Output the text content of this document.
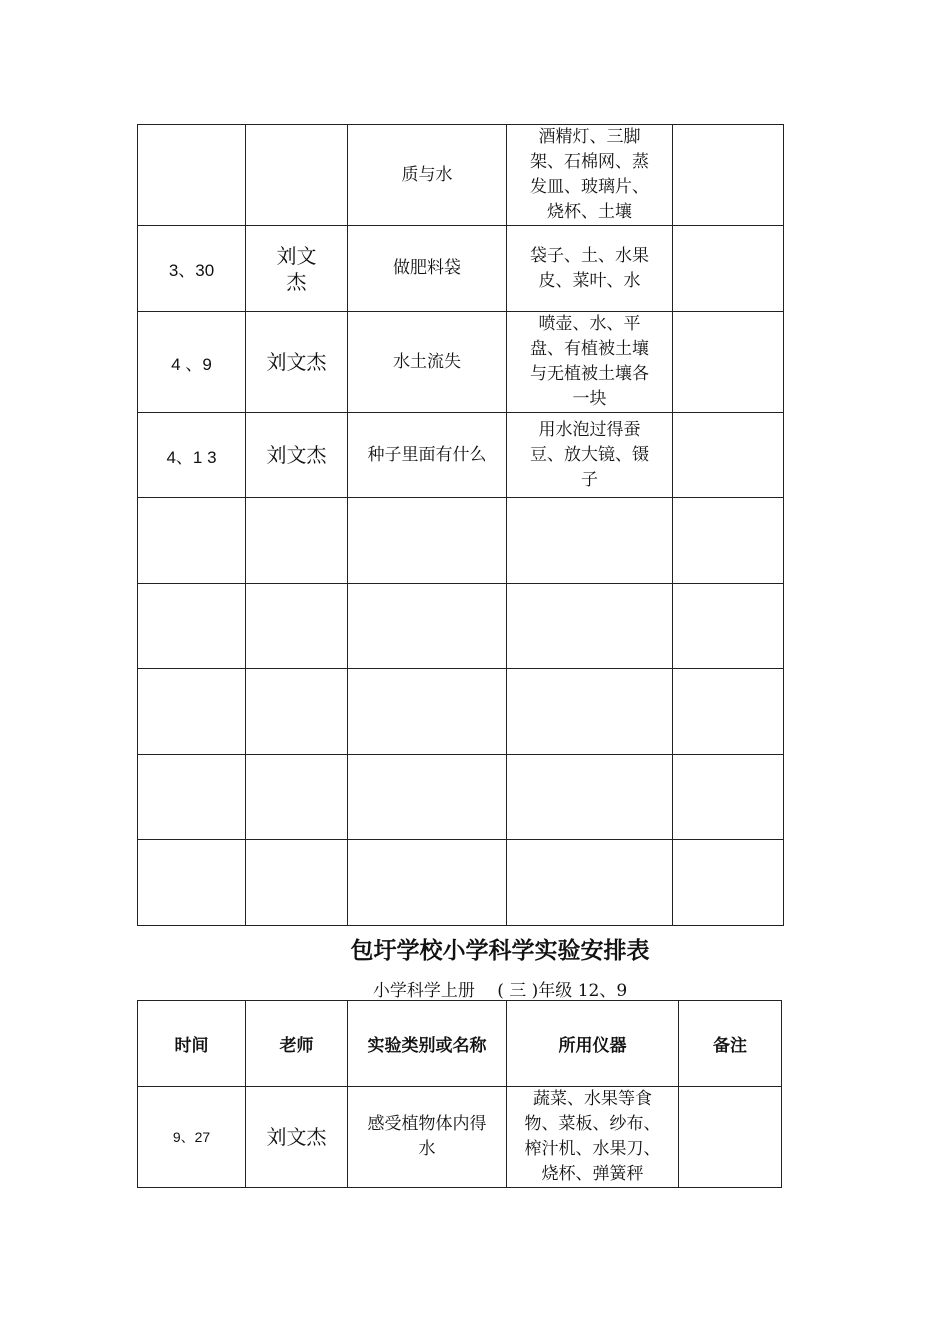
		质与水	酒精灯、三脚架、石棉网、蒸发皿、玻璃片、烧杯、土壤	
3、30	刘文杰	做肥料袋	袋子、土、水果皮、菜叶、水	
4 、9	刘文杰	水土流失	喷壶、水、平盘、有植被土壤与无植被土壤各一块	
4、1 3	刘文杰	种子里面有什么	用水泡过得蚕豆、放大镜、镊子	

包圩学校小学科学实验安排表
小学科学上册 　( 三 )年级 12、9
时间	老师	实验类别或名称	所用仪器	备注
9、27	刘文杰	感受植物体内得水	蔬菜、水果等食物、菜板、纱布、榨汁机、水果刀、烧杯、弹簧秤	
